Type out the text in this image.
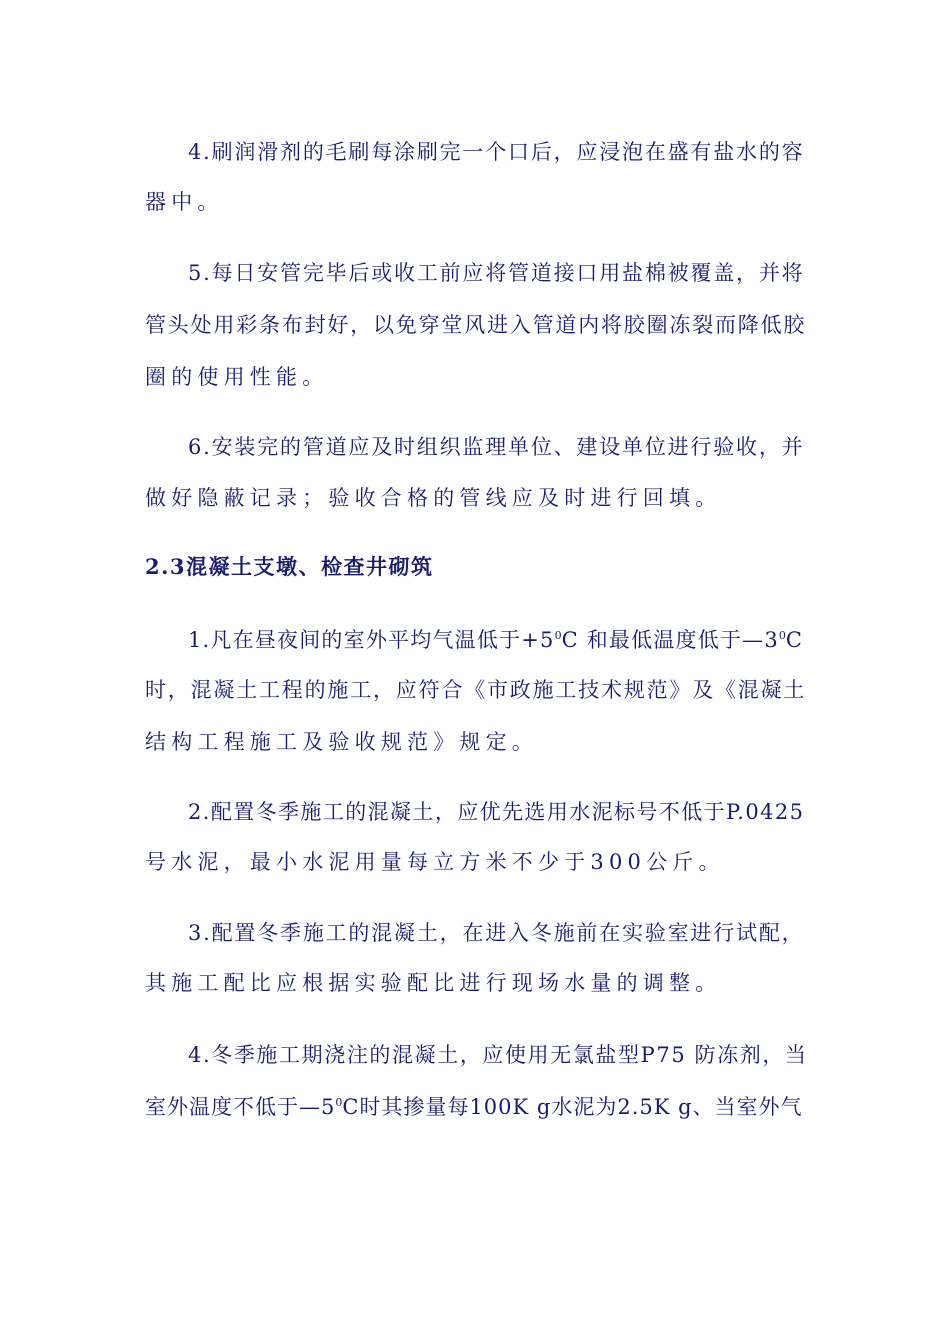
4.刷润滑剂的毛刷每涂刷完一个口后，应浸泡在盛有盐水的容
器中。
5.每日安管完毕后或收工前应将管道接口用盐棉被覆盖，并将
管头处用彩条布封好，以免穿堂风进入管道内将胶圈冻裂而降低胶
圈的使用性能。
6.安装完的管道应及时组织监理单位、建设单位进行验收，并
做好隐蔽记录；验收合格的管线应及时进行回填。
2.3混凝土支墩、检查井砌筑
1.凡在昼夜间的室外平均气温低于$+5^0C$ 和最低温度低于$—3^0C$
时，混凝土工程的施工，应符合《市政施工技术规范》及《混凝土
结构工程施工及验收规范》规定。
2.配置冬季施工的混凝土，应优先选用水泥标号不低于P.0425
号水泥，最小水泥用量每立方米不少于300公斤。
3.配置冬季施工的混凝土，在进入冬施前在实验室进行试配，
其施工配比应根据实验配比进行现场水量的调整。
4.冬季施工期浇注的混凝土，应使用无氯盐型P75 防冻剂，当
室外温度不低于$—5^0C$时其掺量每100K g水泥为2.5K g、当室外气
